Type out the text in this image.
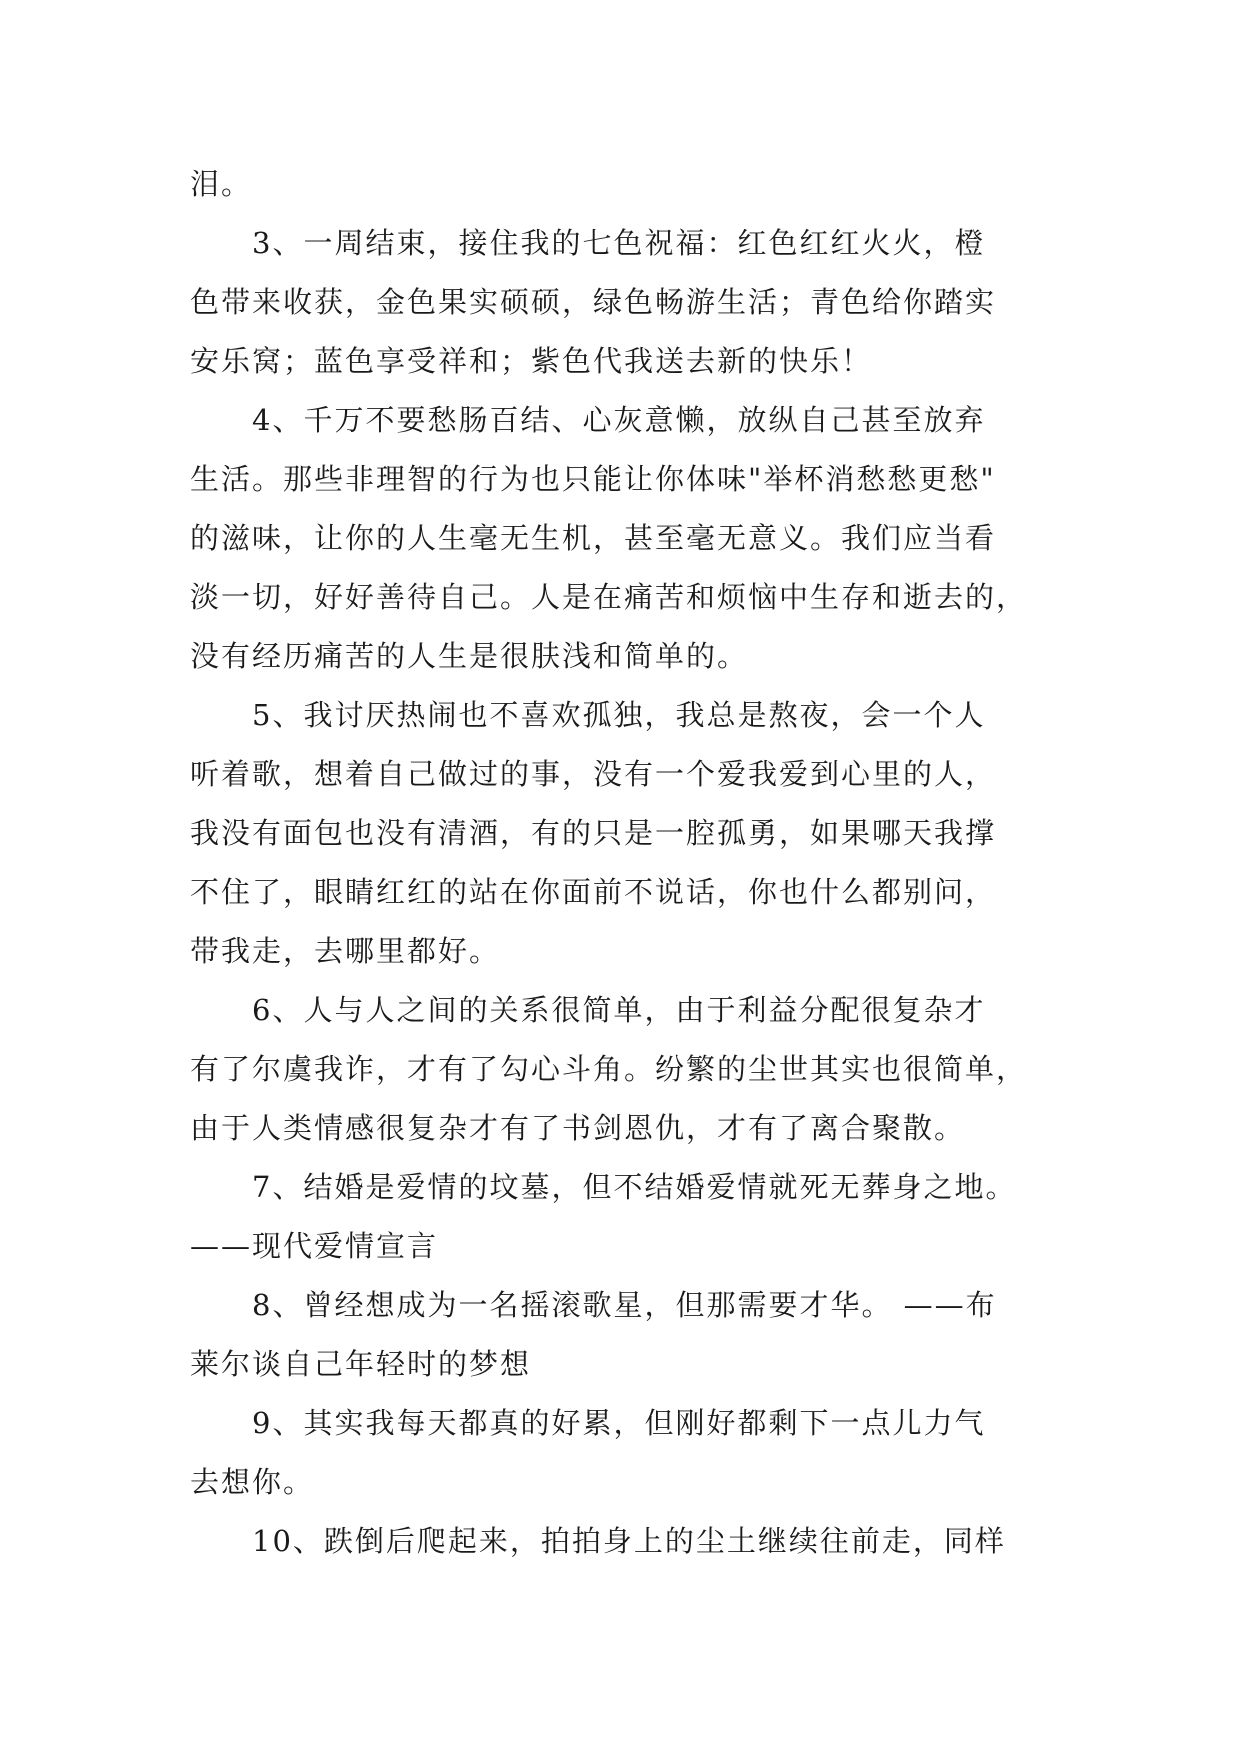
泪。

3、一周结束，接住我的七色祝福：红色红红火火，橙
色带来收获，金色果实硕硕，绿色畅游生活；青色给你踏实
安乐窝；蓝色享受祥和；紫色代我送去新的快乐！

4、千万不要愁肠百结、心灰意懒，放纵自己甚至放弃
生活。那些非理智的行为也只能让你体味"举杯消愁愁更愁"
的滋味，让你的人生毫无生机，甚至毫无意义。我们应当看
淡一切，好好善待自己。人是在痛苦和烦恼中生存和逝去的，
没有经历痛苦的人生是很肤浅和简单的。

5、我讨厌热闹也不喜欢孤独，我总是熬夜，会一个人
听着歌，想着自己做过的事，没有一个爱我爱到心里的人，
我没有面包也没有清酒，有的只是一腔孤勇，如果哪天我撑
不住了，眼睛红红的站在你面前不说话，你也什么都别问，
带我走，去哪里都好。

6、人与人之间的关系很简单，由于利益分配很复杂才
有了尔虞我诈，才有了勾心斗角。纷繁的尘世其实也很简单，
由于人类情感很复杂才有了书剑恩仇，才有了离合聚散。

7、结婚是爱情的坟墓，但不结婚爱情就死无葬身之地。
——现代爱情宣言

8、曾经想成为一名摇滚歌星，但那需要才华。 ——布
莱尔谈自己年轻时的梦想

9、其实我每天都真的好累，但刚好都剩下一点儿力气
去想你。

10、跌倒后爬起来，拍拍身上的尘土继续往前走，同样
